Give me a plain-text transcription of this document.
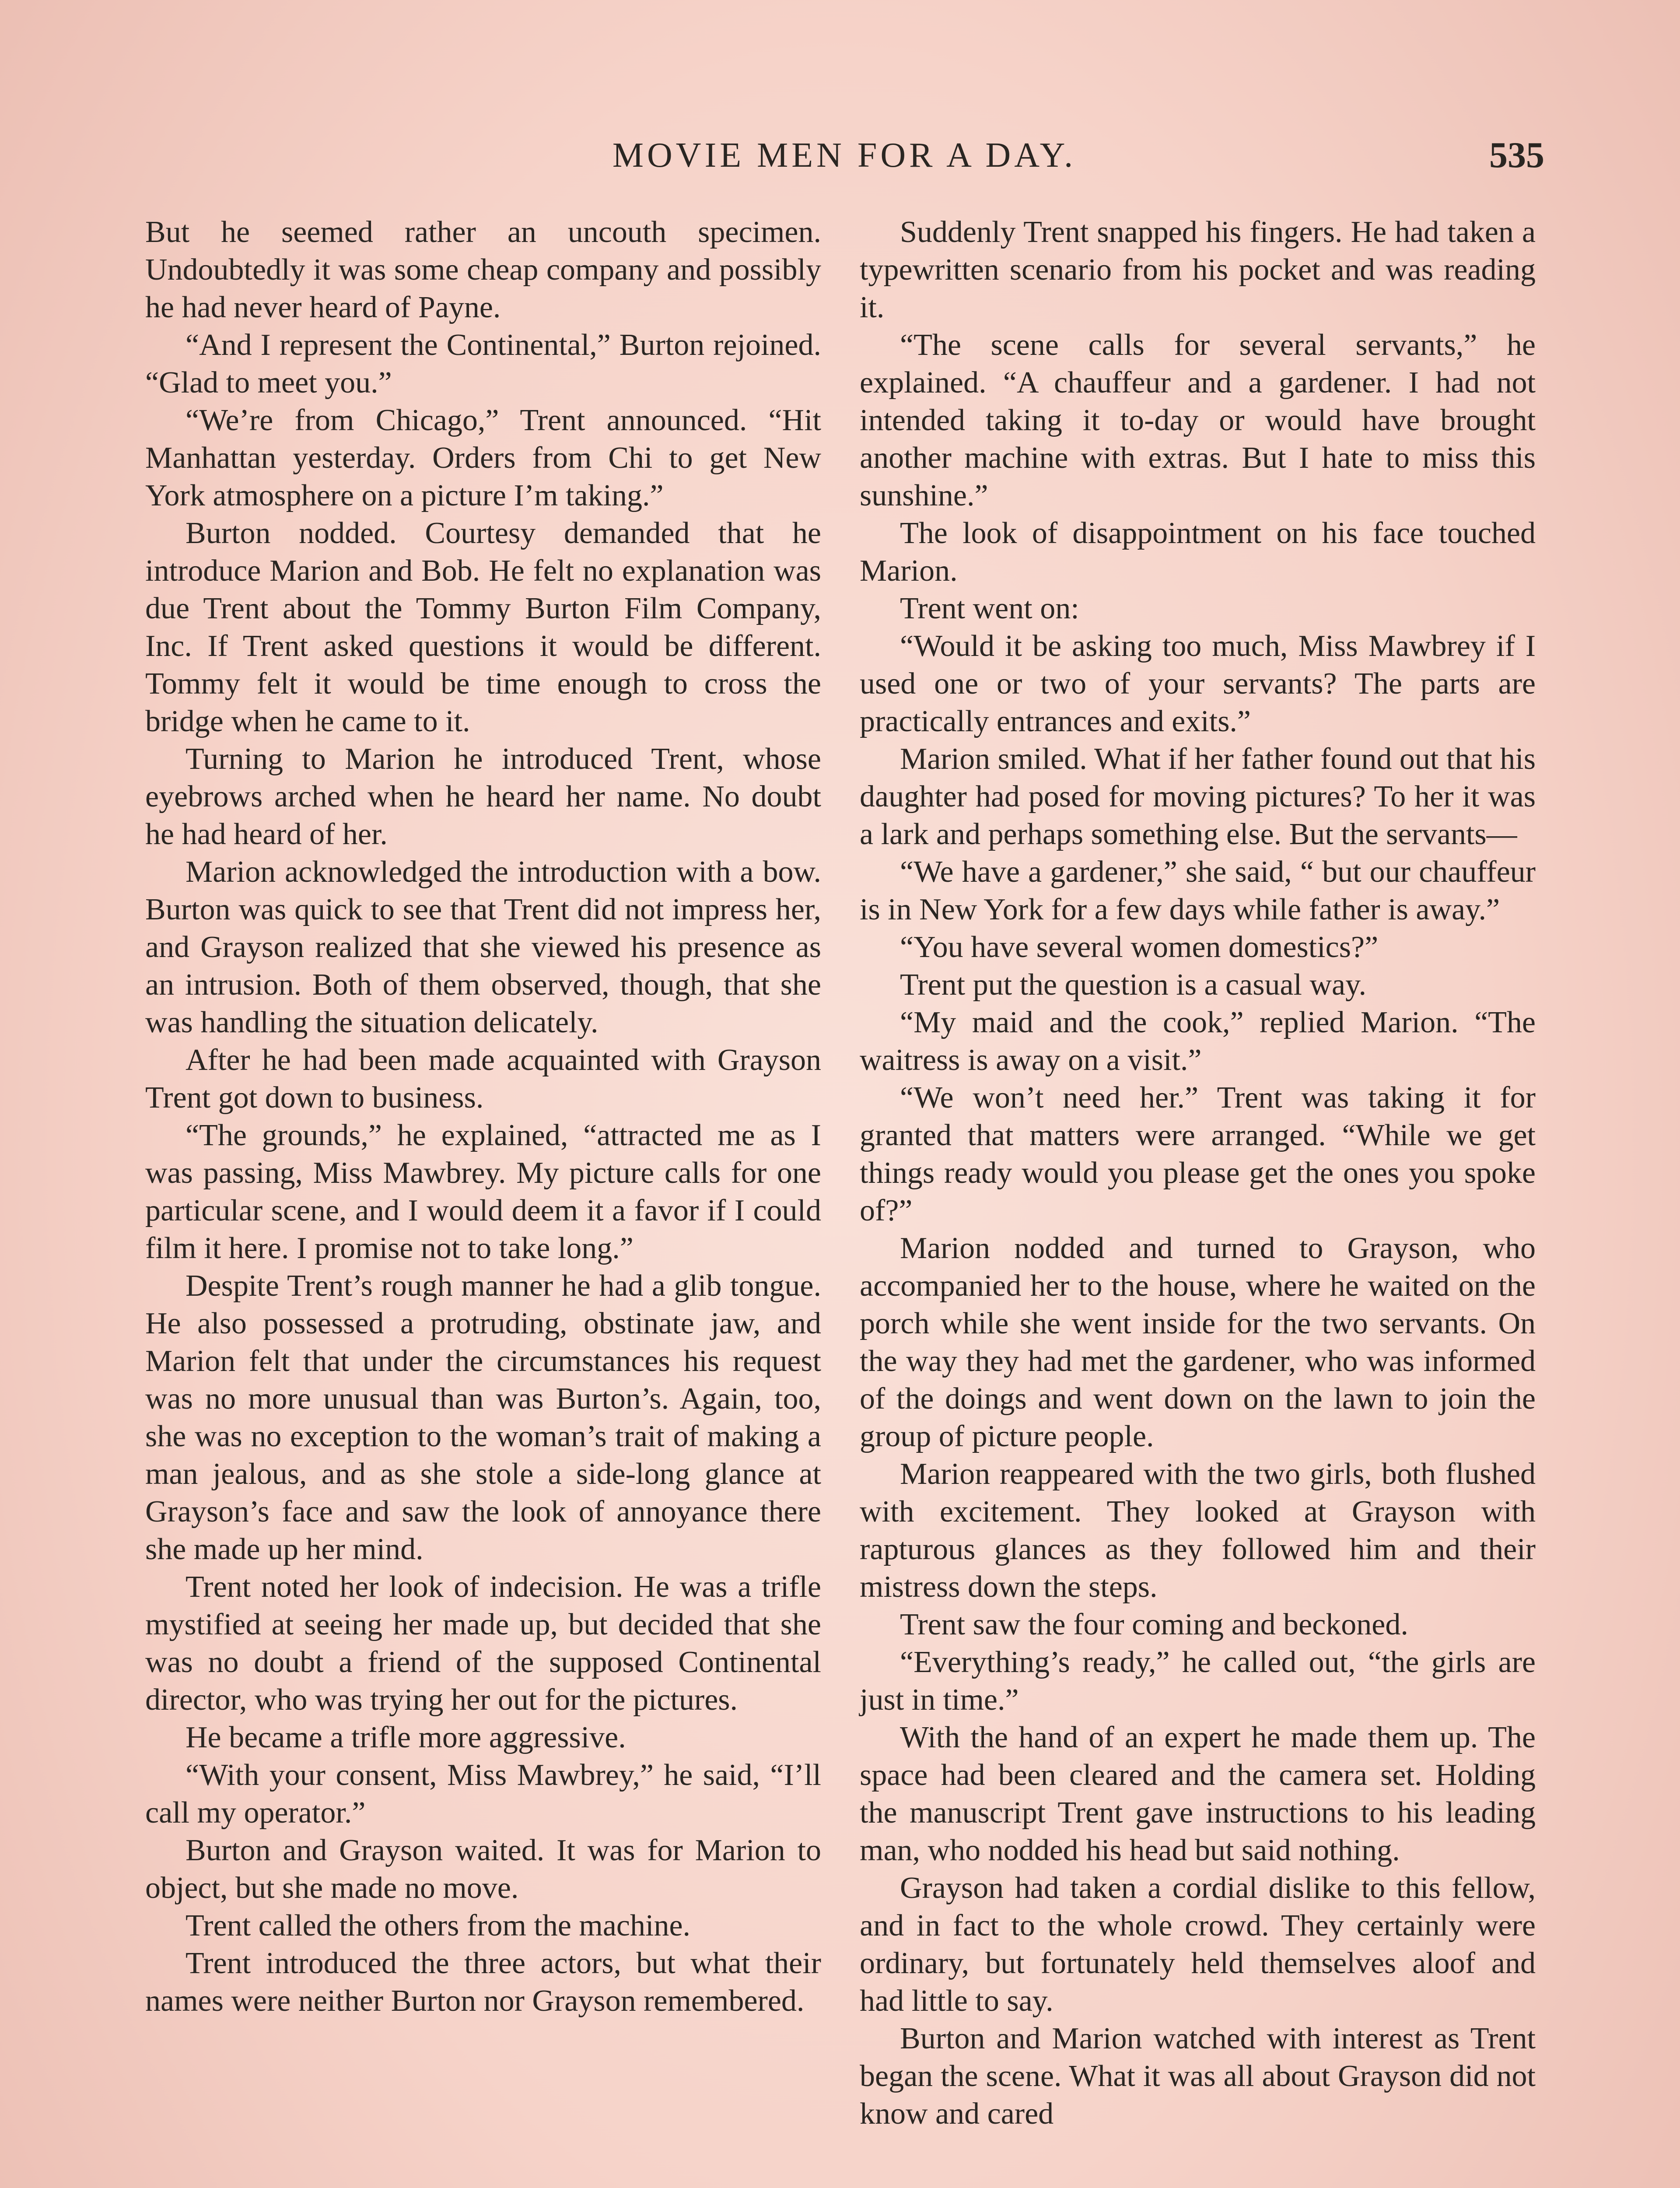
MOVIE MEN FOR A DAY.	535

But he seemed rather an uncouth specimen. Undoubtedly it was some cheap company and possibly he had never heard of Payne.

“And I represent the Continental,” Burton rejoined. “Glad to meet you.”

“We’re from Chicago,” Trent announced. “Hit Manhattan yesterday. Orders from Chi to get New York atmosphere on a picture I’m taking.”

Burton nodded. Courtesy demanded that he introduce Marion and Bob. He felt no explanation was due Trent about the Tommy Burton Film Company, Inc. If Trent asked questions it would be different. Tommy felt it would be time enough to cross the bridge when he came to it.

Turning to Marion he introduced Trent, whose eyebrows arched when he heard her name. No doubt he had heard of her.

Marion acknowledged the introduction with a bow. Burton was quick to see that Trent did not impress her, and Grayson realized that she viewed his presence as an intrusion. Both of them observed, though, that she was handling the situation delicately.

After he had been made acquainted with Grayson Trent got down to business.

“The grounds,” he explained, “attracted me as I was passing, Miss Mawbrey. My picture calls for one particular scene, and I would deem it a favor if I could film it here. I promise not to take long.”

Despite Trent’s rough manner he had a glib tongue. He also possessed a protruding, obstinate jaw, and Marion felt that under the circumstances his request was no more unusual than was Burton’s. Again, too, she was no exception to the woman’s trait of making a man jealous, and as she stole a side-long glance at Grayson’s face and saw the look of annoyance there she made up her mind.

Trent noted her look of indecision. He was a trifle mystified at seeing her made up, but decided that she was no doubt a friend of the supposed Continental director, who was trying her out for the pictures.

He became a trifle more aggressive.

“With your consent, Miss Mawbrey,” he said, “I’ll call my operator.”

Burton and Grayson waited. It was for Marion to object, but she made no move.

Trent called the others from the machine.

Trent introduced the three actors, but what their names were neither Burton nor Grayson remembered.

Suddenly Trent snapped his fingers. He had taken a typewritten scenario from his pocket and was reading it.

“The scene calls for several servants,” he explained. “A chauffeur and a gardener. I had not intended taking it to-day or would have brought another machine with extras. But I hate to miss this sunshine.”

The look of disappointment on his face touched Marion.

Trent went on:

“Would it be asking too much, Miss Mawbrey if I used one or two of your servants? The parts are practically entrances and exits.”

Marion smiled. What if her father found out that his daughter had posed for moving pictures? To her it was a lark and perhaps something else. But the servants—

“We have a gardener,” she said, “ but our chauffeur is in New York for a few days while father is away.”

“You have several women domestics?”

Trent put the question is a casual way.

“My maid and the cook,” replied Marion. “The waitress is away on a visit.”

“We won’t need her.” Trent was taking it for granted that matters were arranged. “While we get things ready would you please get the ones you spoke of?”

Marion nodded and turned to Grayson, who accompanied her to the house, where he waited on the porch while she went inside for the two servants. On the way they had met the gardener, who was informed of the doings and went down on the lawn to join the group of picture people.

Marion reappeared with the two girls, both flushed with excitement. They looked at Grayson with rapturous glances as they followed him and their mistress down the steps.

Trent saw the four coming and beckoned.

“Everything’s ready,” he called out, “the girls are just in time.”

With the hand of an expert he made them up. The space had been cleared and the camera set. Holding the manuscript Trent gave instructions to his leading man, who nodded his head but said nothing.

Grayson had taken a cordial dislike to this fellow, and in fact to the whole crowd. They certainly were ordinary, but fortunately held themselves aloof and had little to say.

Burton and Marion watched with interest as Trent began the scene. What it was all about Grayson did not know and cared
